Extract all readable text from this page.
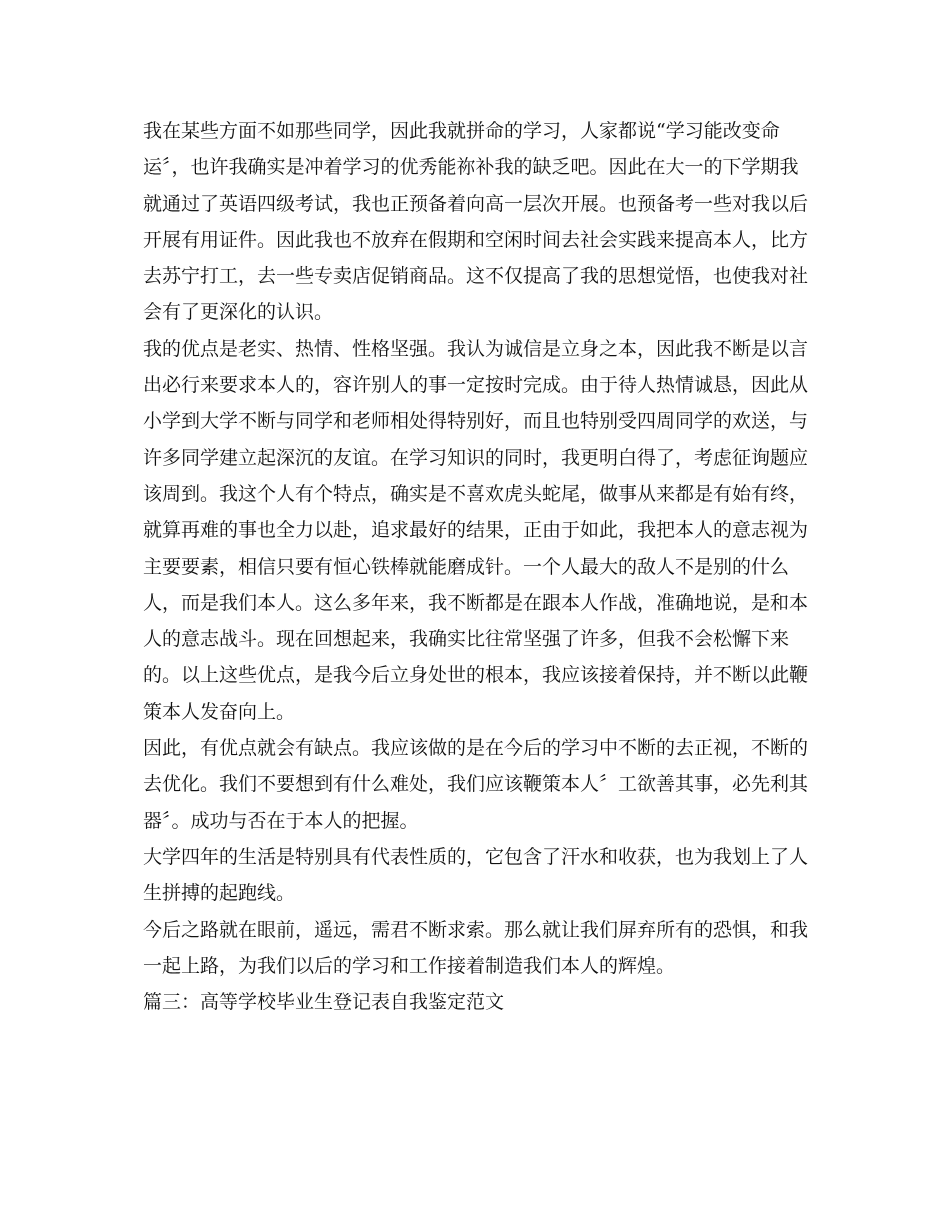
我在某些方面不如那些同学，因此我就拼命的学习，人家都说“学习能改变命
运〞，也许我确实是冲着学习的优秀能祢补我的缺乏吧。因此在大一的下学期我
就通过了英语四级考试，我也正预备着向高一层次开展。也预备考一些对我以后
开展有用证件。因此我也不放弃在假期和空闲时间去社会实践来提高本人，比方
去苏宁打工，去一些专卖店促销商品。这不仅提高了我的思想觉悟，也使我对社
会有了更深化的认识。
我的优点是老实、热情、性格坚强。我认为诚信是立身之本，因此我不断是以言
出必行来要求本人的，容许别人的事一定按时完成。由于待人热情诚恳，因此从
小学到大学不断与同学和老师相处得特别好，而且也特别受四周同学的欢送，与
许多同学建立起深沉的友谊。在学习知识的同时，我更明白得了，考虑征询题应
该周到。我这个人有个特点，确实是不喜欢虎头蛇尾，做事从来都是有始有终，
就算再难的事也全力以赴，追求最好的结果，正由于如此，我把本人的意志视为
主要要素，相信只要有恒心铁棒就能磨成针。一个人最大的敌人不是别的什么
人，而是我们本人。这么多年来，我不断都是在跟本人作战，准确地说，是和本
人的意志战斗。现在回想起来，我确实比往常坚强了许多，但我不会松懈下来
的。以上这些优点，是我今后立身处世的根本，我应该接着保持，并不断以此鞭
策本人发奋向上。
因此，有优点就会有缺点。我应该做的是在今后的学习中不断的去正视，不断的
去优化。我们不要想到有什么难处，我们应该鞭策本人〞工欲善其事，必先利其
器〞。成功与否在于本人的把握。
大学四年的生活是特别具有代表性质的，它包含了汗水和收获，也为我划上了人
生拼搏的起跑线。
今后之路就在眼前，遥远，需君不断求索。那么就让我们屏弃所有的恐惧，和我
一起上路，为我们以后的学习和工作接着制造我们本人的辉煌。
篇三：高等学校毕业生登记表自我鉴定范文
